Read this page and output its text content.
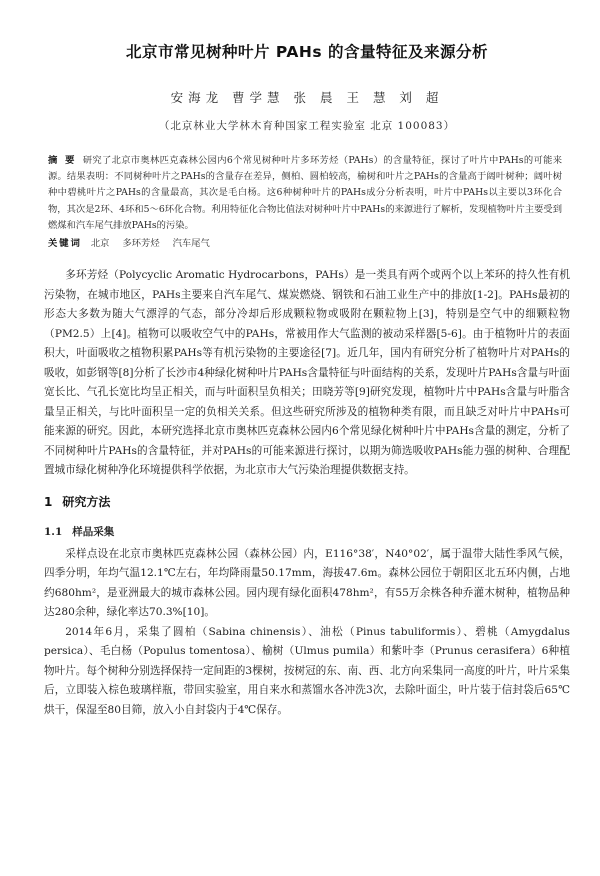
北京市常见树种叶片 PAHs 的含量特征及来源分析
安海龙 曹学慧 张 晨 王 慧 刘 超
（北京林业大学林木育种国家工程实验室 北京 100083）
摘 要 研究了北京市奥林匹克森林公园内6个常见树种叶片多环芳烃（PAHs）的含量特征，探讨了叶片中PAHs的可能来源。结果表明：不同树种叶片之PAHs的含量存在差异，侧柏、圆柏较高，榆树和叶片之PAHs的含量高于阔叶树种；阔叶树种中碧桃叶片之PAHs的含量最高，其次是毛白杨。这6种树种叶片的PAHs成分分析表明，叶片中PAHs以主要以3环化合物，其次是2环、4环和5～6环化合物。利用特征化合物比值法对树种叶片中PAHs的来源进行了解析，发现植物叶片主要受到燃煤和汽车尾气排放PAHs的污染。
关键词 北京 多环芳烃 汽车尾气

多环芳烃（Polycyclic Aromatic Hydrocarbons，PAHs）是一类具有两个或两个以上苯环的持久性有机污染物，在城市地区，PAHs主要来自汽车尾气、煤炭燃烧、钢铁和石油工业生产中的排放[1-2]。PAHs最初的形态大多数为随大气漂浮的气态，部分冷却后形成颗粒物或吸附在颗粒物上[3]，特别是空气中的细颗粒物（PM2.5）上[4]。植物可以吸收空气中的PAHs，常被用作大气监测的被动采样器[5-6]。由于植物叶片的表面积大，叶面吸收之植物积累PAHs等有机污染物的主要途径[7]。近几年，国内有研究分析了植物叶片对PAHs的吸收，如彭钢等[8]分析了长沙市4种绿化树种叶片PAHs含量特征与叶面结构的关系，发现叶片PAHs含量与叶面宽长比、气孔长宽比均呈正相关，而与叶面积呈负相关；田晓芳等[9]研究发现，植物叶片中PAHs含量与叶脂含量呈正相关，与比叶面积呈一定的负相关关系。但这些研究所涉及的植物种类有限，而且缺乏对叶片中PAHs可能来源的研究。因此，本研究选择北京市奥林匹克森林公园内6个常见绿化树种叶片中PAHs含量的测定，分析了不同树种叶片PAHs的含量特征，并对PAHs的可能来源进行探讨，以期为筛选吸收PAHs能力强的树种、合理配置城市绿化树种净化环境提供科学依据，为北京市大气污染治理提供数据支持。

1 研究方法
1.1 样品采集

采样点设在北京市奥林匹克森林公园（森林公园）内，E116°38′，N40°02′，属于温带大陆性季风气候，四季分明，年均气温12.1℃左右，年均降雨量50.17mm，海拔47.6m。森林公园位于朝阳区北五环内侧，占地约680hm²，是亚洲最大的城市森林公园。园内现有绿化面积478hm²，有55万余株各种乔灌木树种，植物品种达280余种，绿化率达70.3%[10]。

2014年6月，采集了圆柏（Sabina chinensis）、油松（Pinus tabuliformis）、碧桃（Amygdalus persica）、毛白杨（Populus tomentosa）、榆树（Ulmus pumila）和紫叶李（Prunus cerasifera）6种植物叶片。每个树种分别选择保持一定间距的3棵树，按树冠的东、南、西、北方向采集同一高度的叶片，叶片采集后，立即装入棕色玻璃样瓶，带回实验室，用自来水和蒸馏水各冲洗3次，去除叶面尘，叶片装于信封袋后65℃烘干，保湿至80目筛，放入小自封袋内于4℃保存。
